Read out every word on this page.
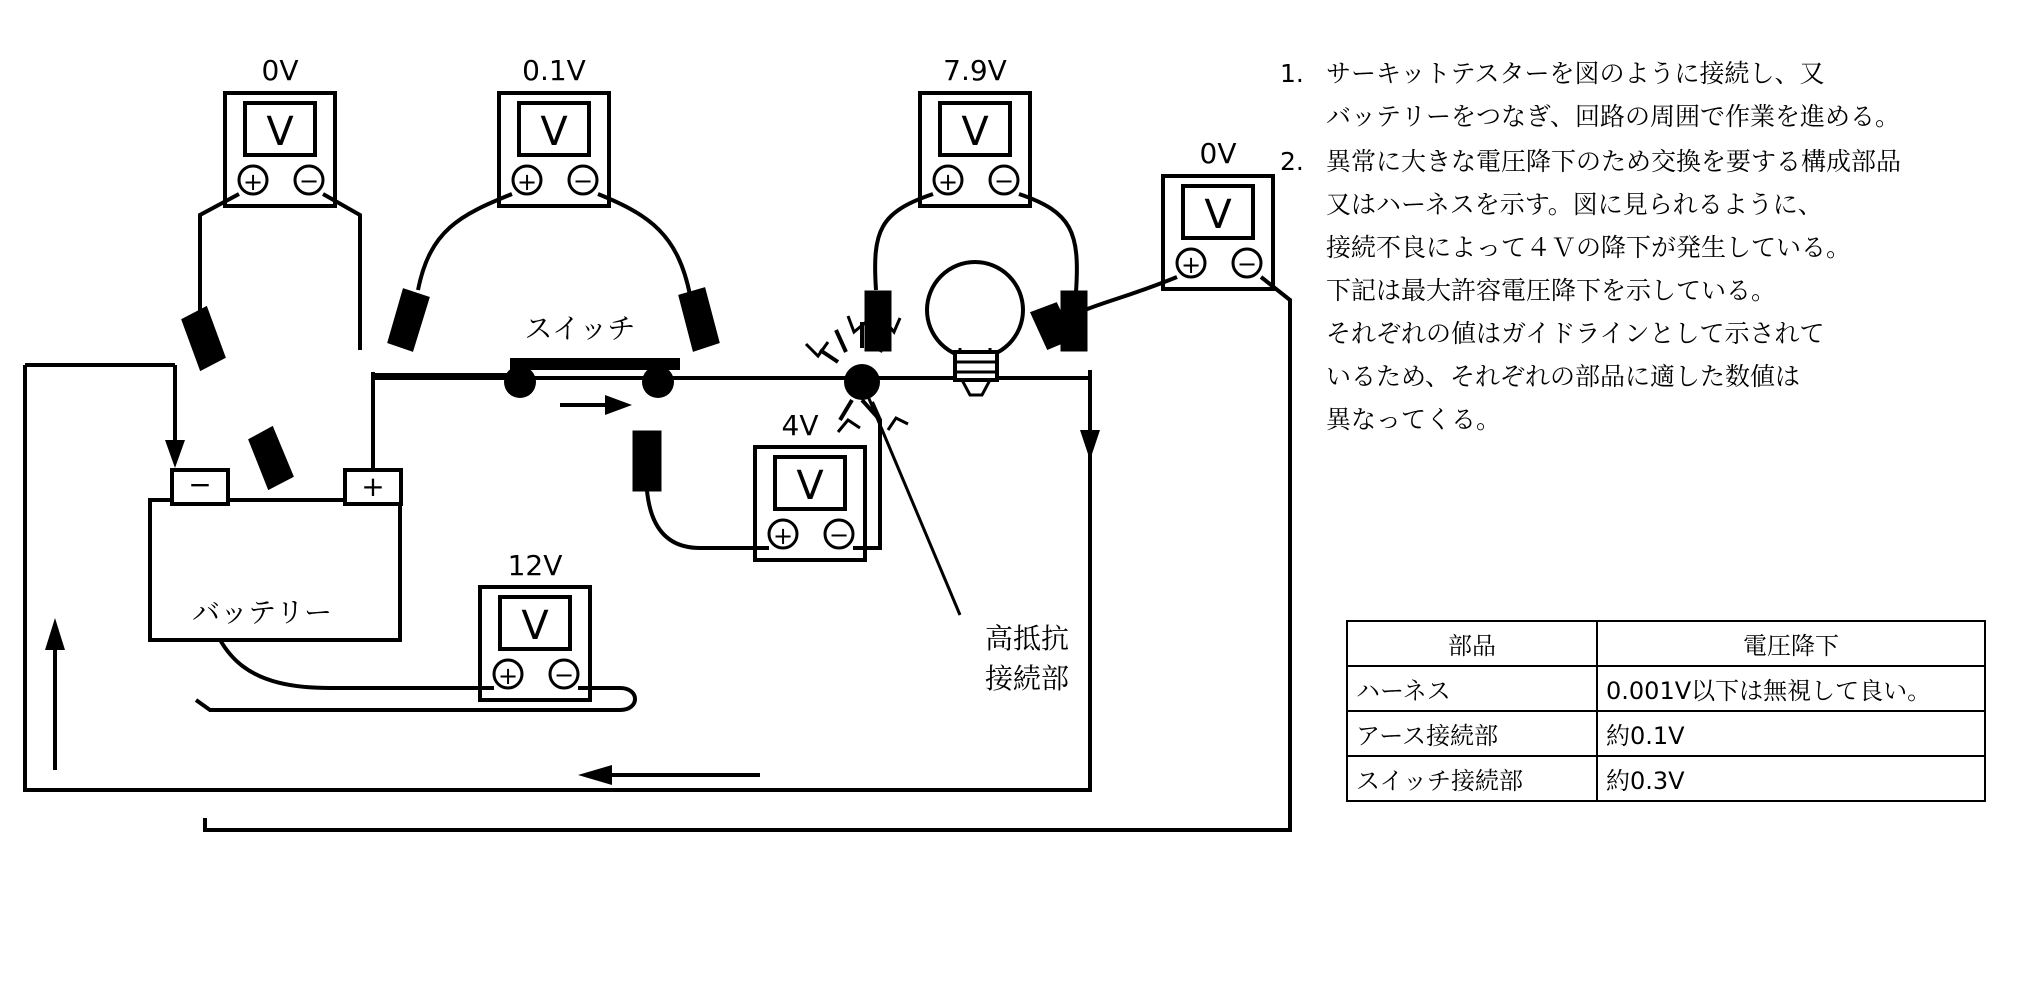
0V
V
+ −
0.1V
V
+ −
7.9V
V
+ −
0V
V
+ −
4V
V
+ −
12V
V
+ −
−	+
バッテリー
スイッチ
高抵抗
接続部
1. サーキットテスターを図のように接続し、又
バッテリーをつなぎ、回路の周囲で作業を進める。
2. 異常に大きな電圧降下のため交換を要する構成部品
又はハーネスを示す。図に見られるように、
接続不良によって４Ｖの降下が発生している。
下記は最大許容電圧降下を示している。
それぞれの値はガイドラインとして示されて
いるため、それぞれの部品に適した数値は
異なってくる。
部品	電圧降下
ハーネス	0.001V以下は無視して良い。
アース接続部	約0.1V
スイッチ接続部	約0.3V
